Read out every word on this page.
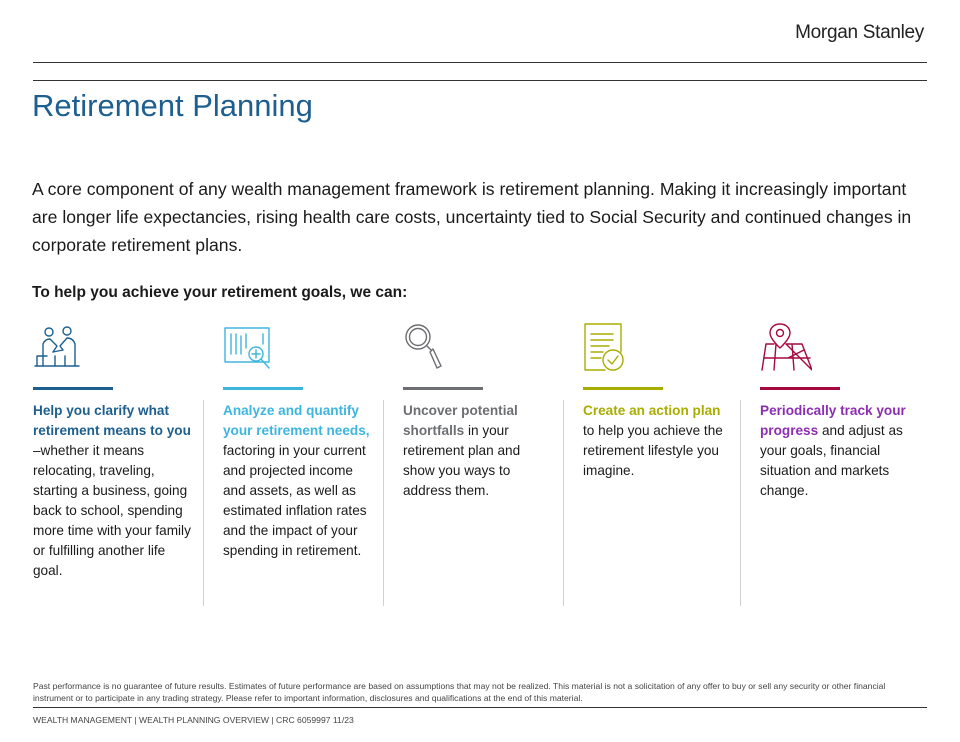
Morgan Stanley
Retirement Planning

A core component of any wealth management framework is retirement planning. Making it increasingly important are longer life expectancies, rising health care costs, uncertainty tied to Social Security and continued changes in corporate retirement plans.

To help you achieve your retirement goals, we can:

Help you clarify what retirement means to you –whether it means relocating, traveling, starting a business, going back to school, spending more time with your family or fulfilling another life goal.
Analyze and quantify your retirement needs, factoring in your current and projected income and assets, as well as estimated inflation rates and the impact of your spending in retirement.
Uncover potential shortfalls in your retirement plan and show you ways to address them.
Create an action plan to help you achieve the retirement lifestyle you imagine.
Periodically track your progress and adjust as your goals, financial situation and markets change.

Past performance is no guarantee of future results. Estimates of future performance are based on assumptions that may not be realized. This material is not a solicitation of any offer to buy or sell any security or other financial instrument or to participate in any trading strategy. Please refer to important information, disclosures and qualifications at the end of this material.

WEALTH MANAGEMENT | WEALTH PLANNING OVERVIEW | CRC 6059997 11/23
